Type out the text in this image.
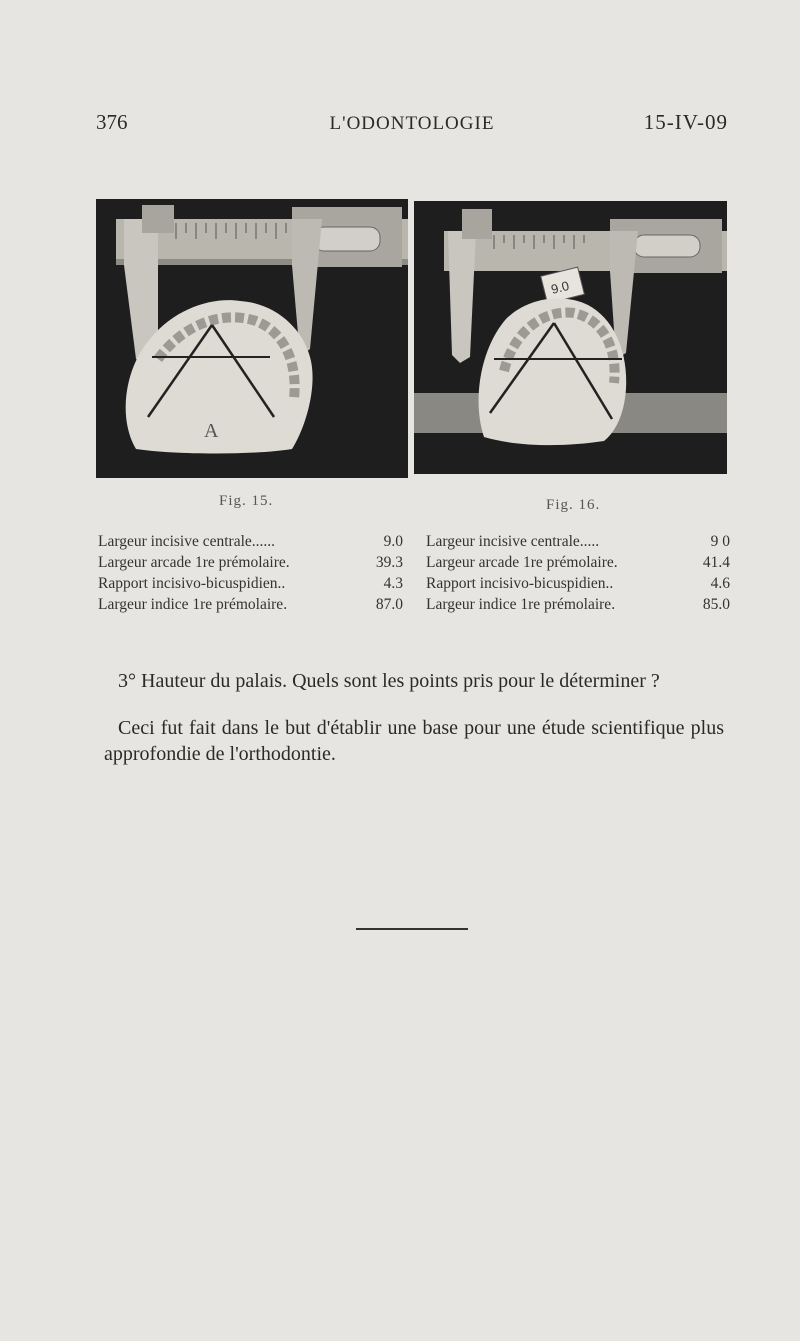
376	L'ODONTOLOGIE	15-IV-09
A
9.0
Fig. 15.	Fig. 16.
Largeur incisive centrale......	9.0
Largeur arcade 1re prémolaire.	39.3
Rapport incisivo-bicuspidien..	4.3
Largeur indice 1re prémolaire.	87.0
Largeur incisive centrale.....	9 0
Largeur arcade 1re prémolaire.	41.4
Rapport incisivo-bicuspidien..	4.6
Largeur indice 1re prémolaire.	85.0

3° Hauteur du palais. Quels sont les points pris pour le déterminer ?

Ceci fut fait dans le but d'établir une base pour une étude scientifique plus approfondie de l'orthodontie.
